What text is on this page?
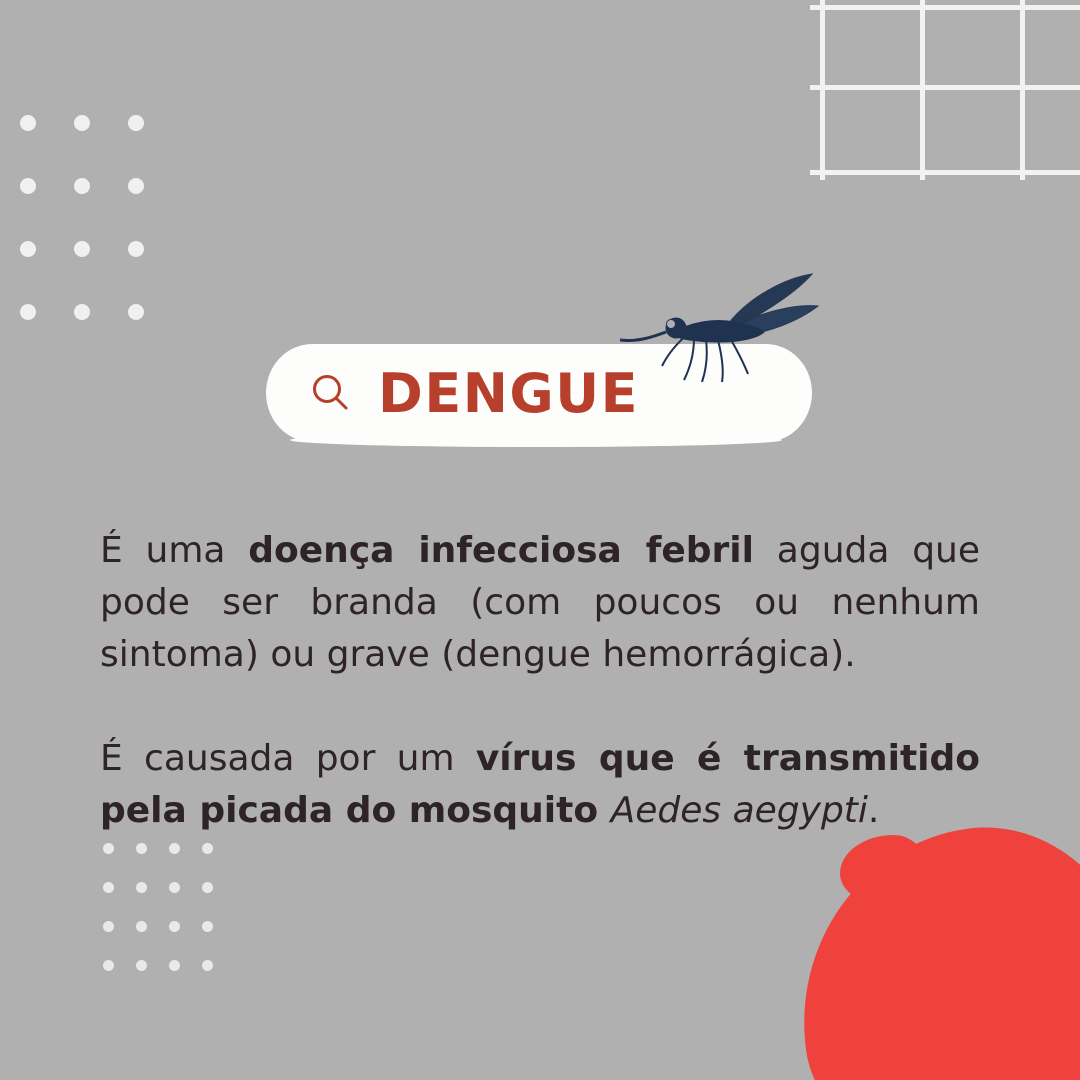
DENGUE

É uma doença infecciosa febril aguda que pode ser branda (com poucos ou nenhum sintoma) ou grave (dengue hemorrágica).

É causada por um vírus que é transmitido pela picada do mosquito Aedes aegypti.
